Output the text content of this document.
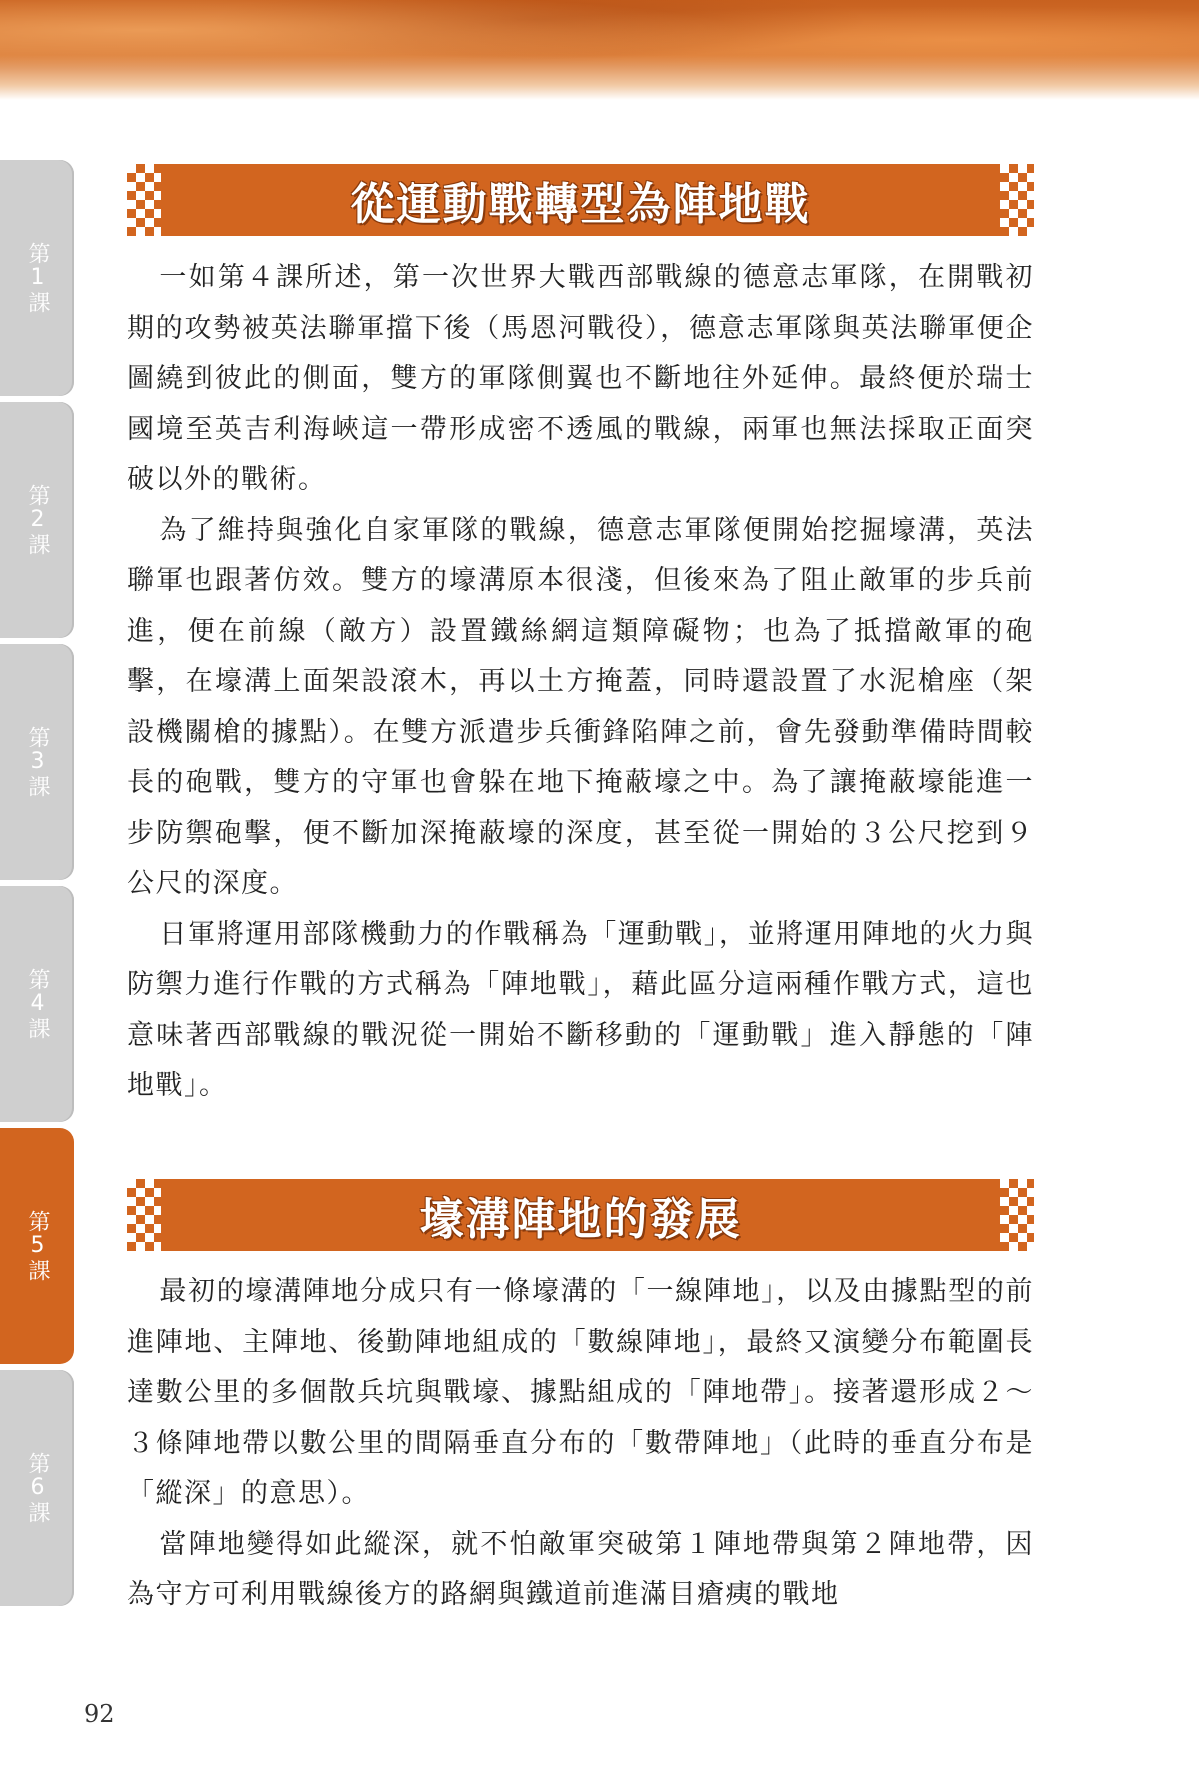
第1課
第2課
第3課
第4課
第5課
第6課
從運動戰轉型為陣地戰

一如第４課所述，第一次世界大戰西部戰線的德意志軍隊，在開戰初期的攻勢被英法聯軍擋下後（馬恩河戰役），德意志軍隊與英法聯軍便企圖繞到彼此的側面，雙方的軍隊側翼也不斷地往外延伸。最終便於瑞士國境至英吉利海峽這一帶形成密不透風的戰線，兩軍也無法採取正面突破以外的戰術。

為了維持與強化自家軍隊的戰線，德意志軍隊便開始挖掘壕溝，英法聯軍也跟著仿效。雙方的壕溝原本很淺，但後來為了阻止敵軍的步兵前進，便在前線（敵方）設置鐵絲網這類障礙物；也為了抵擋敵軍的砲擊，在壕溝上面架設滾木，再以土方掩蓋，同時還設置了水泥槍座（架設機關槍的據點）。在雙方派遣步兵衝鋒陷陣之前，會先發動準備時間較長的砲戰，雙方的守軍也會躲在地下掩蔽壕之中。為了讓掩蔽壕能進一步防禦砲擊，便不斷加深掩蔽壕的深度，甚至從一開始的３公尺挖到９公尺的深度。

日軍將運用部隊機動力的作戰稱為「運動戰」，並將運用陣地的火力與防禦力進行作戰的方式稱為「陣地戰」，藉此區分這兩種作戰方式，這也意味著西部戰線的戰況從一開始不斷移動的「運動戰」進入靜態的「陣地戰」。

壕溝陣地的發展

最初的壕溝陣地分成只有一條壕溝的「一線陣地」，以及由據點型的前進陣地、主陣地、後勤陣地組成的「數線陣地」，最終又演變分布範圍長達數公里的多個散兵坑與戰壕、據點組成的「陣地帶」。接著還形成２～３條陣地帶以數公里的間隔垂直分布的「數帶陣地」（此時的垂直分布是「縱深」的意思）。

當陣地變得如此縱深，就不怕敵軍突破第１陣地帶與第２陣地帶，因為守方可利用戰線後方的路網與鐵道前進滿目瘡痍的戰地

92
